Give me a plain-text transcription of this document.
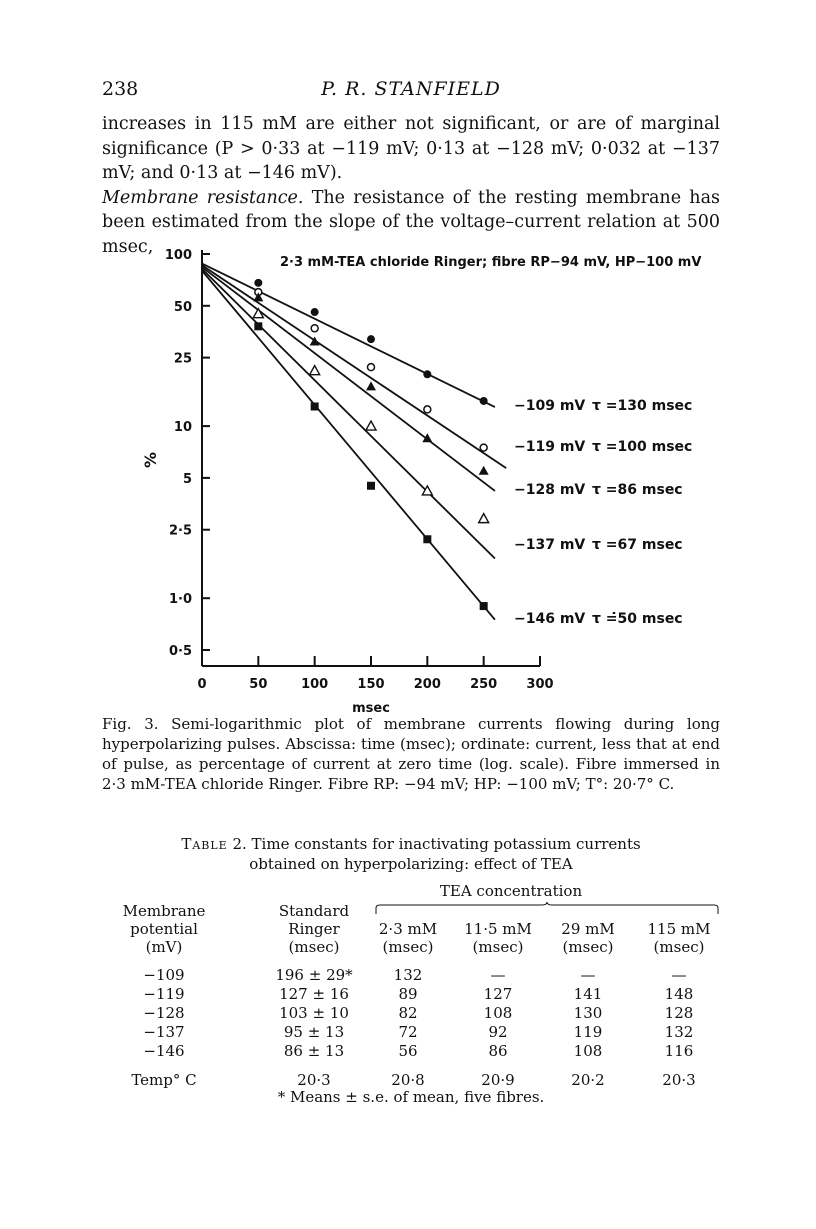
238	P. R. STANFIELD

increases in 115 mM are either not significant, or are of marginal significance (P > 0·33 at −119 mV; 0·13 at −128 mV; 0·032 at −137 mV; and 0·13 at −146 mV).

Membrane resistance. The resistance of the resting membrane has been estimated from the slope of the voltage–current relation at 500 msec, 100
50
25
10
5
2·5
1·0
0·5
0	50	100 150 200 250 300
msec
%
2·3 mM-TEA chloride Ringer; fibre RP−94 mV, HP−100 mV
−109 mV τ =130 msec
−119 mV τ =100 msec
−128 mV τ =86 msec
−137 mV τ =67 msec
−146 mV τ =̇50 msec
Fig. 3. Semi-logarithmic plot of membrane currents flowing during long hyperpolarizing pulses. Abscissa: time (msec); ordinate: current, less that at end of pulse, as percentage of current at zero time (log. scale). Fibre immersed in 2·3 mM-TEA chloride Ringer. Fibre RP: −94 mV; HP: −100 mV; T°: 20·7° C.
Table 2. Time constants for inactivating potassium currents
obtained on hyperpolarizing: effect of TEA
TEA concentration
Membrane
potential
(mV)
Standard
Ringer
(msec)
2·3 mM
(msec)
11·5 mM
(msec)
29 mM
(msec)
115 mM
(msec)
−109	196 ± 29*	132	—	—	—
−119	127 ± 16	89	127	141	148
−128	103 ± 10	82	108	130	128
−137	95 ± 13	72	92	119	132
−146	86 ± 13	56	86	108	116
Temp° C	20·3	20·8	20·9	20·2	20·3
* Means ± s.e. of mean, five fibres.
